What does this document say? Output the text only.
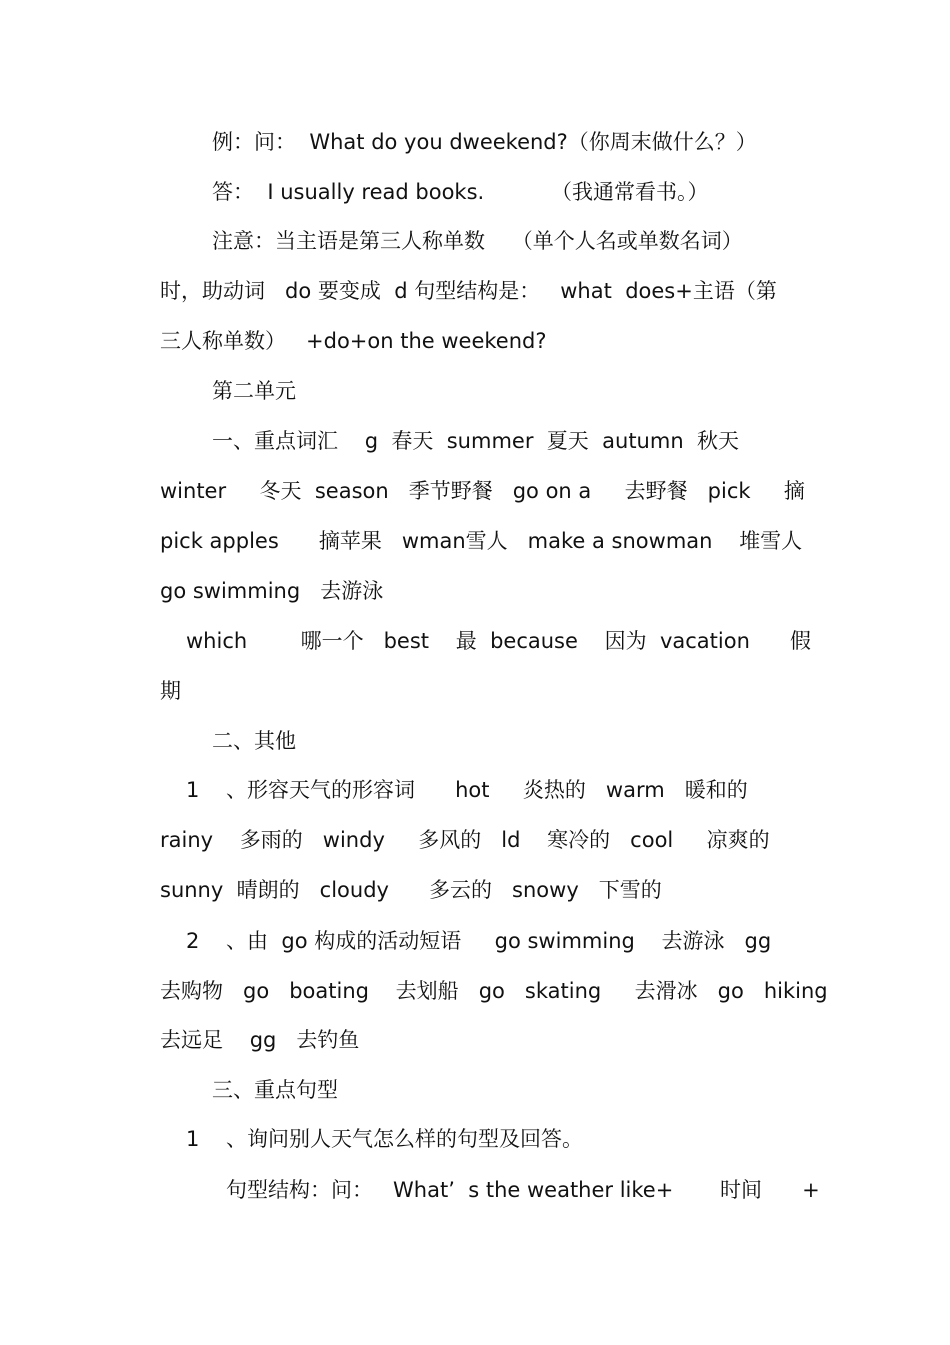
例：问：  What do you dweekend?（你周末做什么？）
答：  I usually read books.          （我通常看书。）
注意：当主语是第三人称单数    （单个人名或单数名词）
时，助动词   do 要变成  d 句型结构是：   what  does+主语（第
三人称单数）   +do+on the weekend?
第二单元
一、重点词汇    g  春天  summer  夏天  autumn  秋天
winter     冬天  season   季节野餐   go on a     去野餐   pick     摘
pick apples      摘苹果   wman雪人   make a snowman    堆雪人
go swimming   去游泳
which        哪一个   best    最  because    因为  vacation      假
期
二、其他
1    、形容天气的形容词      hot     炎热的   warm   暖和的
rainy    多雨的   windy     多风的   ld    寒冷的   cool     凉爽的
sunny  晴朗的   cloudy      多云的   snowy   下雪的
2    、由  go 构成的活动短语     go swimming    去游泳   gg
去购物   go   boating    去划船   go   skating     去滑冰   go   hiking
去远足    gg   去钓鱼
三、重点句型
1    、询问别人天气怎么样的句型及回答。
句型结构：问：   What’  s the weather like+       时间      +
